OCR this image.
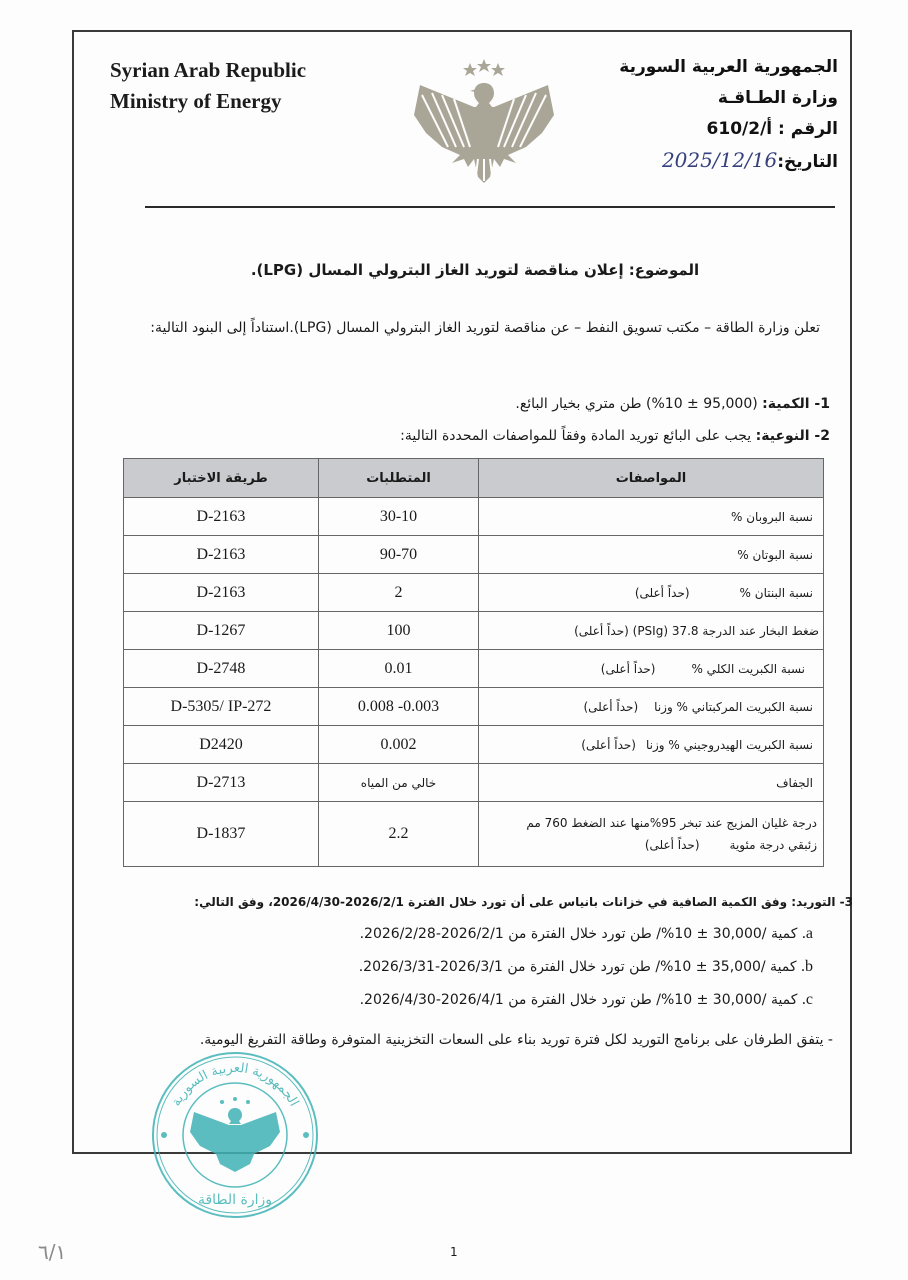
Syrian Arab Republic
Ministry of Energy
الجمهورية العربية السورية
وزارة الطـاقـة
الرقم : 610/2/أ
التاريخ:2025/12/16
الموضوع: إعلان مناقصة لتوريد الغاز البترولي المسال (LPG).
تعلن وزارة الطاقة – مكتب تسويق النفط – عن مناقصة لتوريد الغاز البترولي المسال (LPG).استناداً إلى البنود التالية:
1- الكمية: (95,000 ± 10%) طن متري بخيار البائع.
2- النوعية: يجب على البائع توريد المادة وفقاً للمواصفات المحددة التالية:
المواصفات	المتطلبات	طريقة الاختبار
نسبة البروبان %	30-10	D-2163
نسبة البوتان %	90-70	D-2163
نسبة البنتان %(حداً أعلى)	2	D-2163
ضغط البخار عند الدرجة 37.8 (PSIg) (حداً أعلى)	100	D-1267
نسبة الكبريت الكلي %(حداً أعلى)	0.01	D-2748
نسبة الكبريت المركبتاني % وزنا(حداً أعلى)	0.003- 0.008	D-5305/ IP-272
نسبة الكبريت الهيدروجيني % وزنا(حداً أعلى)	0.002	D2420
الجفاف	خالي من المياه	D-2713

درجة غليان المزيج عند تبخر 95%منها عند الضغط 760 مم
زئبقي درجة مئوية(حداً أعلى)	2.2	D-1837
3- التوريد: وفق الكمية الصافية في خزانات بانياس على أن تورد خلال الفترة 2026/2/1-2026/4/30، وفق التالي:
a. كمية /30,000 ± 10%/ طن تورد خلال الفترة من 2026/2/1-2026/2/28.
b. كمية /35,000 ± 10%/ طن تورد خلال الفترة من 2026/3/1-2026/3/31.
c. كمية /30,000 ± 10%/ طن تورد خلال الفترة من 2026/4/1-2026/4/30.
- يتفق الطرفان على برنامج التوريد لكل فترة توريد بناء على السعات التخزينية المتوفرة وطاقة التفريغ اليومية.
الجمهورية العربية السورية
وزارة الطاقة
1
٦/١
